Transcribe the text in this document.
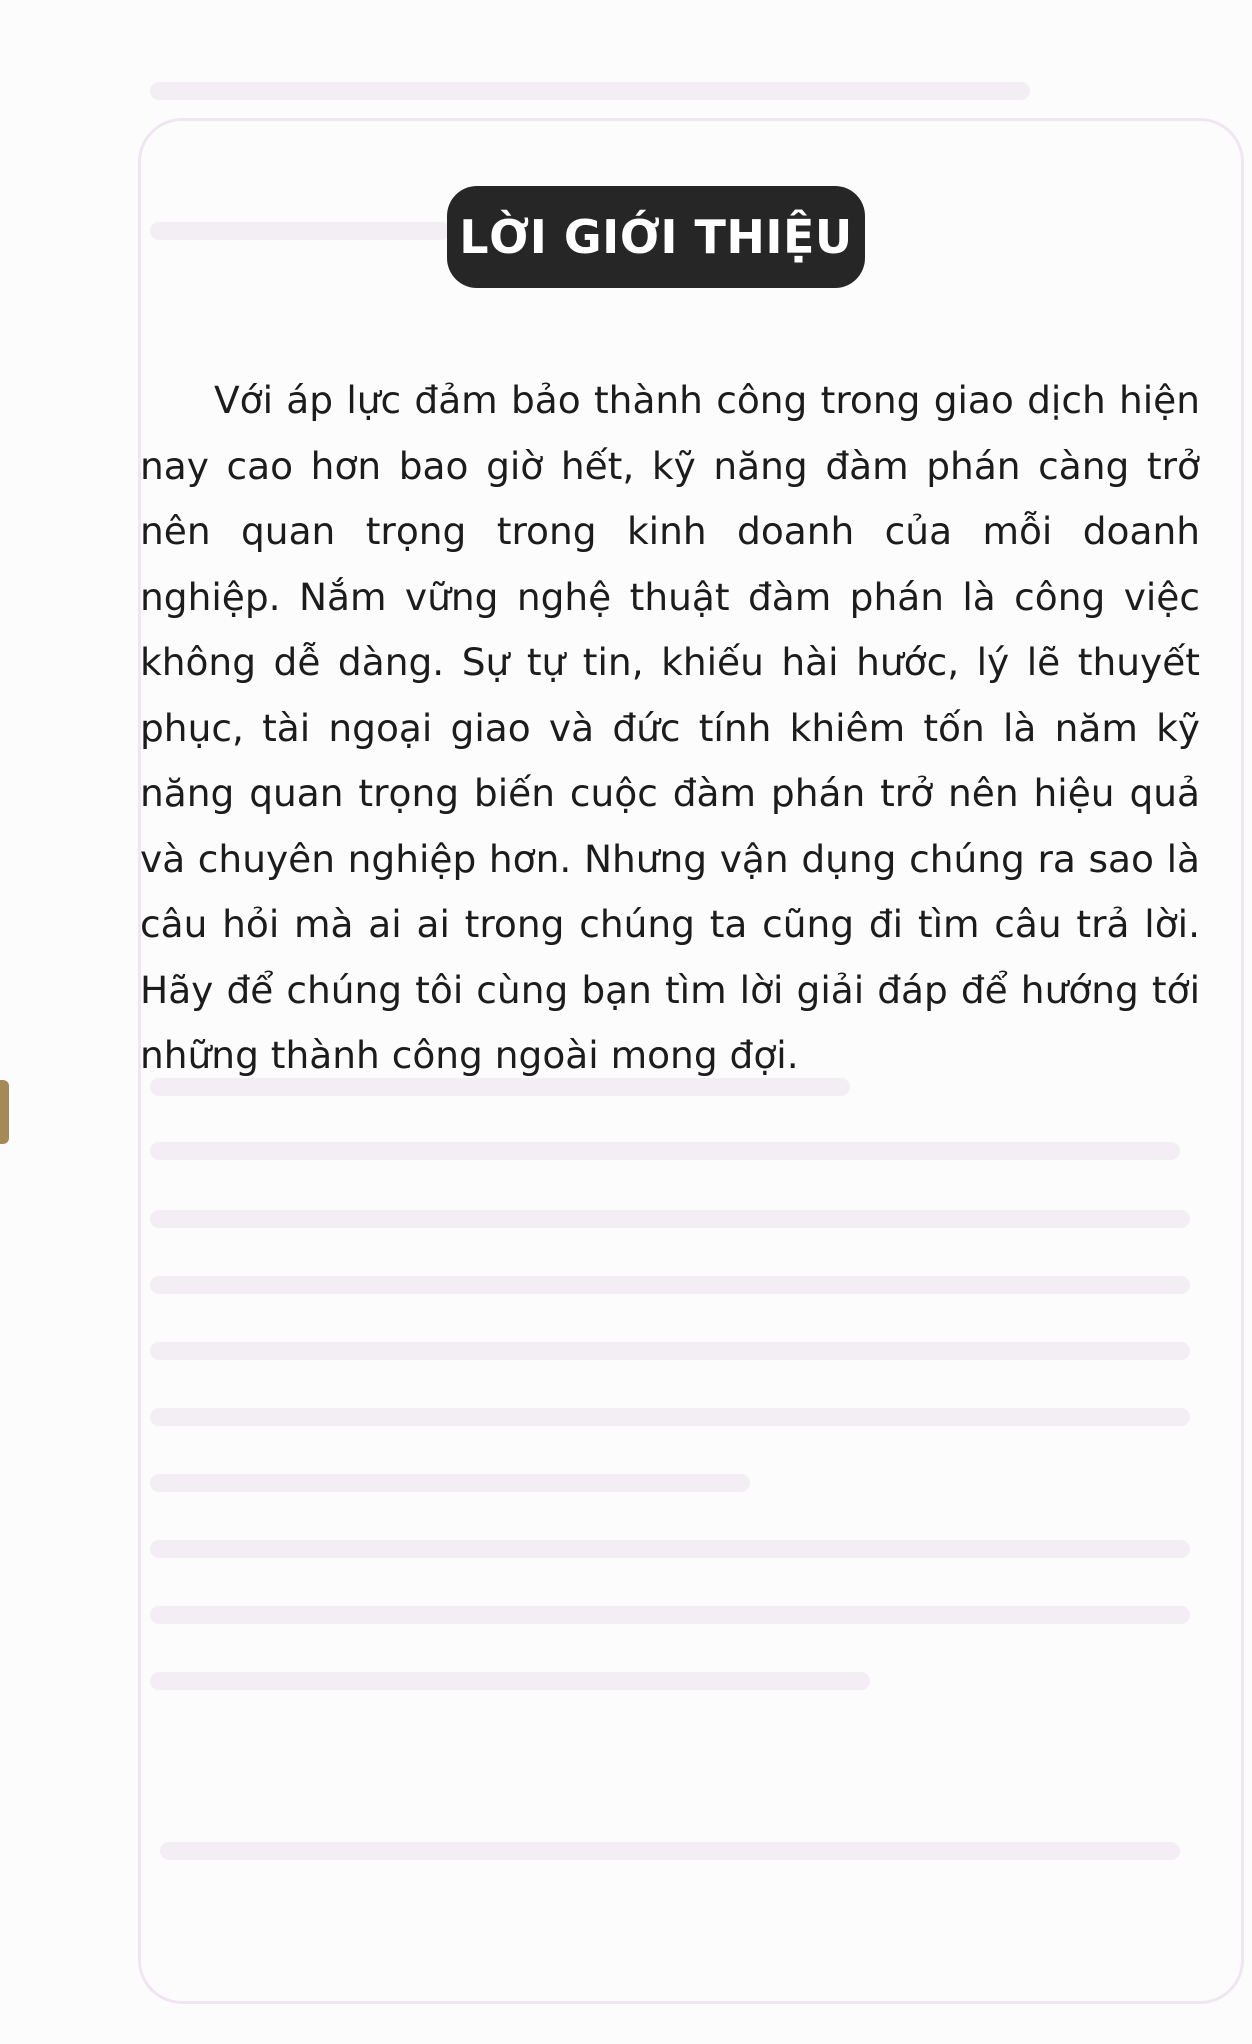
LỜI GIỚI THIỆU

Với áp lực đảm bảo thành công trong giao dịch hiện nay cao hơn bao giờ hết, kỹ năng đàm phán càng trở nên quan trọng trong kinh doanh của mỗi doanh nghiệp. Nắm vững nghệ thuật đàm phán là công việc không dễ dàng. Sự tự tin, khiếu hài hước, lý lẽ thuyết phục, tài ngoại giao và đức tính khiêm tốn là năm kỹ năng quan trọng biến cuộc đàm phán trở nên hiệu quả và chuyên nghiệp hơn. Nhưng vận dụng chúng ra sao là câu hỏi mà ai ai trong chúng ta cũng đi tìm câu trả lời. Hãy để chúng tôi cùng bạn tìm lời giải đáp để hướng tới những thành công ngoài mong đợi.
